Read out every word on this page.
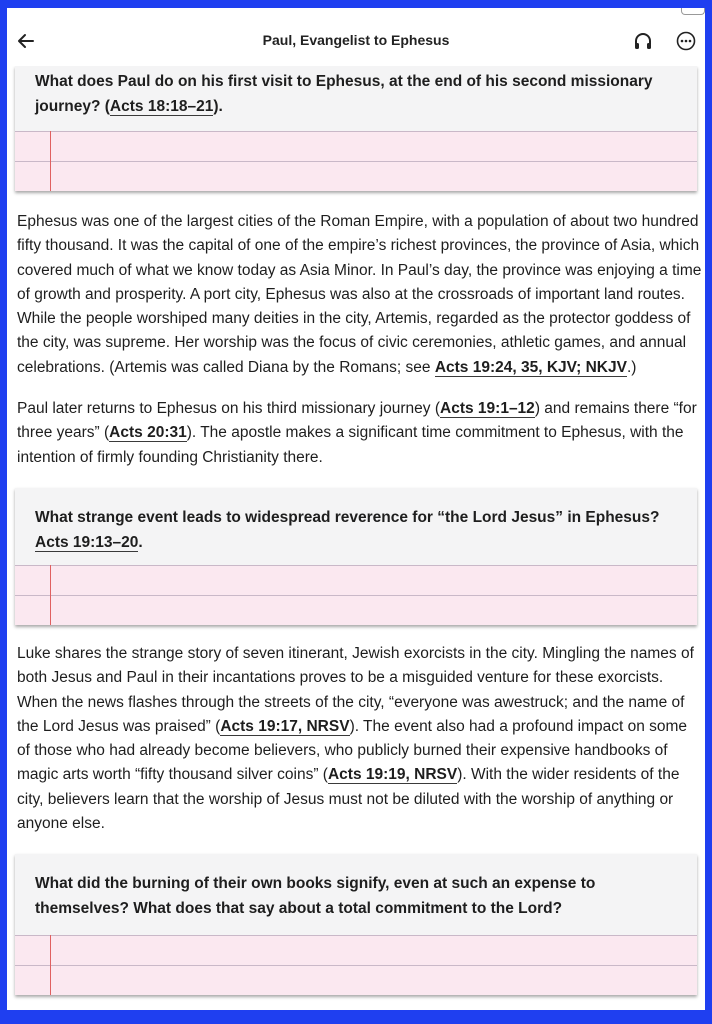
Paul, Evangelist to Ephesus
What does Paul do on his first visit to Ephesus, at the end of his second missionary journey? (Acts 18:18–21).

Ephesus was one of the largest cities of the Roman Empire, with a population of about two hundred fifty thousand. It was the capital of one of the empire’s richest provinces, the province of Asia, which covered much of what we know today as Asia Minor. In Paul’s day, the province was enjoying a time of growth and prosperity. A port city, Ephesus was also at the crossroads of important land routes. While the people worshiped many deities in the city, Artemis, regarded as the protector goddess of the city, was supreme. Her worship was the focus of civic ceremonies, athletic games, and annual celebrations. (Artemis was called Diana by the Romans; see Acts 19:24, 35, KJV; NKJV.)

Paul later returns to Ephesus on his third missionary journey (Acts 19:1–12) and remains there “for three years” (Acts 20:31). The apostle makes a significant time commitment to Ephesus, with the intention of firmly founding Christianity there.

What strange event leads to widespread reverence for “the Lord Jesus” in Ephesus? Acts 19:13–20.

Luke shares the strange story of seven itinerant, Jewish exorcists in the city. Mingling the names of both Jesus and Paul in their incantations proves to be a misguided venture for these exorcists. When the news flashes through the streets of the city, “everyone was awestruck; and the name of the Lord Jesus was praised” (Acts 19:17, NRSV). The event also had a profound impact on some of those who had already become believers, who publicly burned their expensive handbooks of magic arts worth “fifty thousand silver coins” (Acts 19:19, NRSV). With the wider residents of the city, believers learn that the worship of Jesus must not be diluted with the worship of anything or anyone else.

What did the burning of their own books signify, even at such an expense to themselves? What does that say about a total commitment to the Lord?
